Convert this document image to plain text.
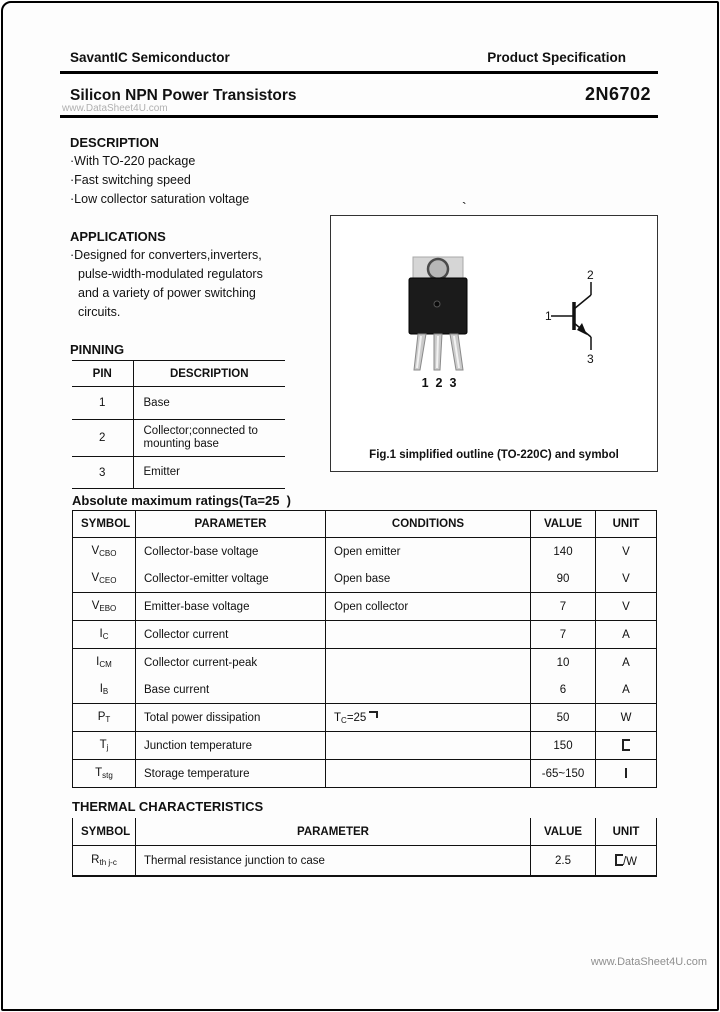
SavantIC Semiconductor	Product Specification
Silicon NPN Power Transistors	2N6702
www.DataSheet4U.com
DESCRIPTION
·With TO-220 package
·Fast switching speed
·Low collector saturation voltage
APPLICATIONS
·Designed for converters,inverters,
pulse-width-modulated regulators
and a variety of power switching
circuits.
PINNING
PIN	DESCRIPTION
1	Base
2	Collector;connected to mounting base
3	Emitter
`
1 2 3
1
2
3
Fig.1 simplified outline (TO-220C) and symbol
Absolute maximum ratings(Ta=25  )
SYMBOL	PARAMETER	CONDITIONS	VALUE	UNIT
$V_{CBO}$	Collector-base voltage	Open emitter	140	V
$V_{CEO}$	Collector-emitter voltage	Open base	90	V
$V_{EBO}$	Emitter-base voltage	Open collector	7	V
$I_C$	Collector current		7	A
$I_{CM}$	Collector current-peak		10	A
$I_B$	Base current		6	A
$P_T$	Total power dissipation	$T_C=25$	50	W
$T_j$	Junction temperature		150	
$T_{stg}$	Storage temperature		-65~150	
THERMAL CHARACTERISTICS
SYMBOL	PARAMETER	VALUE	UNIT
$R_{th j-c}$	Thermal resistance junction to case	2.5	/W
www.DataSheet4U.com
